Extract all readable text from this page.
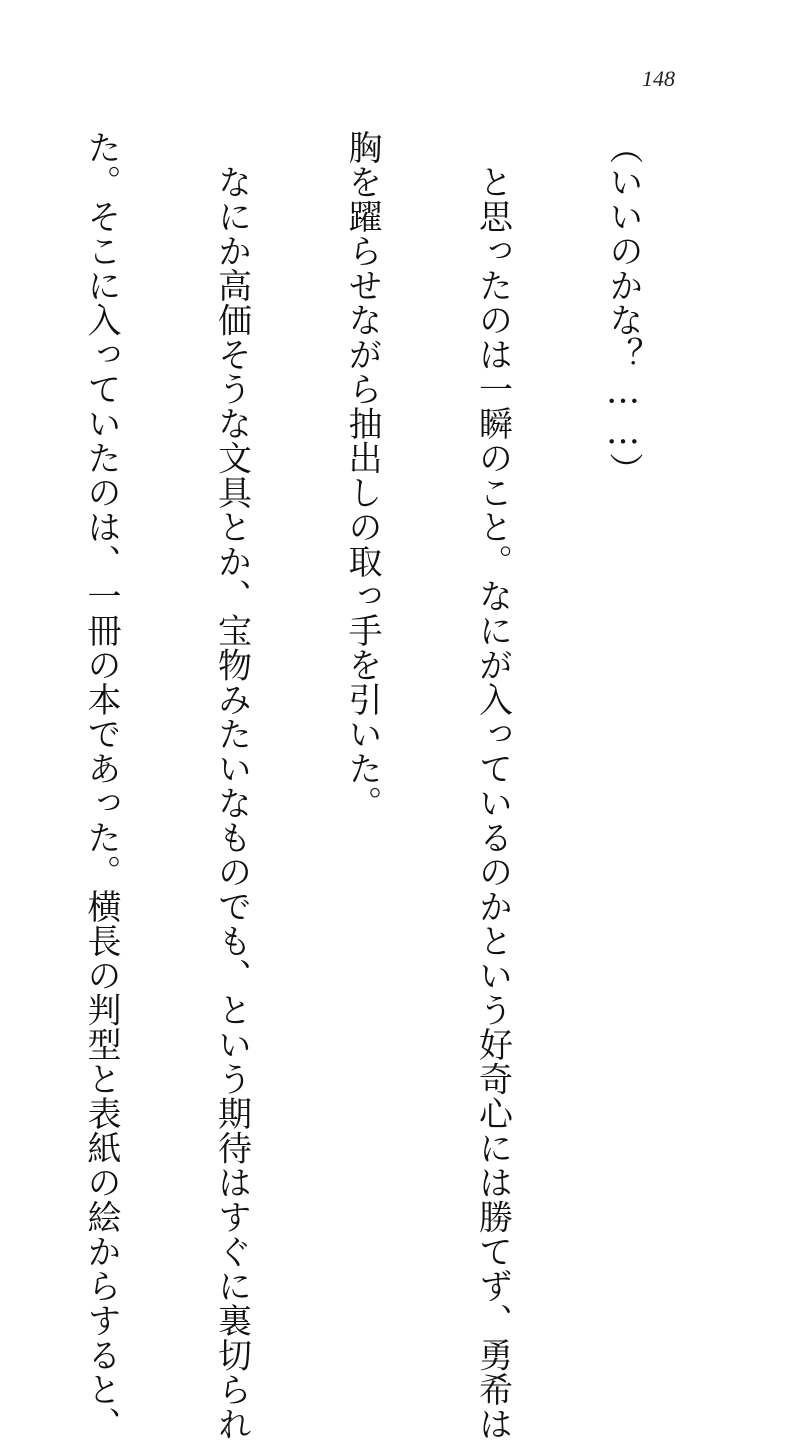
148

（いいのかな？……）

　と思ったのは一瞬のこと。なにが入っているのかという好奇心には勝てず、勇希は

胸を躍らせながら抽出しの取っ手を引いた。

　なにか高価そうな文具とか、宝物みたいなものでも、という期待はすぐに裏切られ

た。そこに入っていたのは、一冊の本であった。横長の判型と表紙の絵からすると、
